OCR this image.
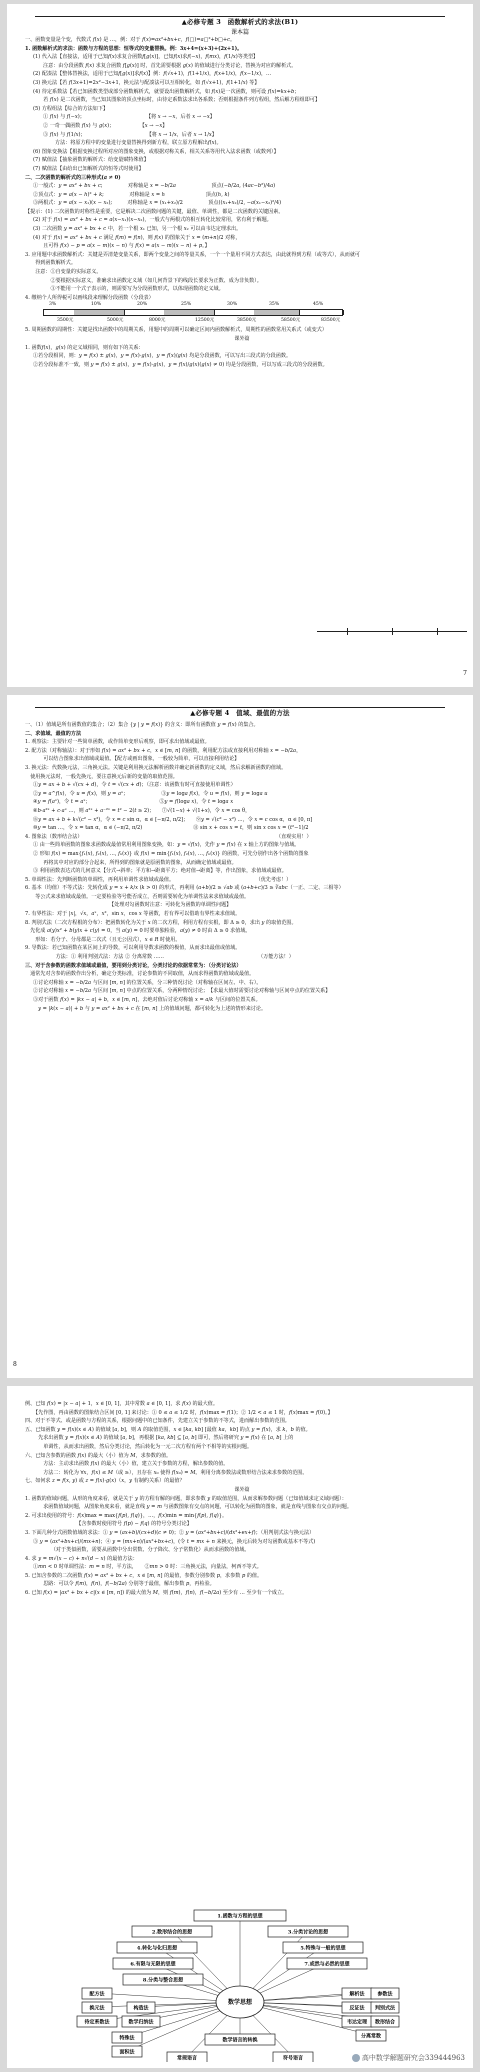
▲必修专题 3　函数解析式的求法(B1)
课本篇
一、函数变量是个变，代数式 𝑓(𝑥) 是 …，例：对于 𝑓(𝑥)=𝑎𝑥²+𝑏𝑥+𝑐，𝑓(□)=𝑎□²+𝑏□+𝑐。
1. 函数解析式的求法：函数与方程的思想：恒等式的变量替换。例：3𝑥+4=(𝑥+3)+(2𝑥+1)。
(1) 代入法【直接法，适用于已知𝑓(𝑥)求复合函数𝑓[𝑔(𝑥)]，已知𝑓(𝑥)求𝑓(−𝑥)，𝑓(𝑚𝑥)，𝑓(1/𝑥)等类型】
注意：由分段函数 𝑓(𝑥) 求复合函数 𝑓[𝑔(𝑥)] 时，首先需要根据 𝑔(𝑥) 的值域进行分类讨论，替换为对应的解析式。
(2) 配凑法【整体替换法，适用于已知𝑓[𝑔(𝑥)]求𝑓(𝑥)】例：𝑓(√𝑥+1)，𝑓(1+1/𝑥)，𝑓(𝑥+1/𝑥)，𝑓(𝑥−1/𝑥)，…
(3) 换元法【若 𝑓(3𝑥+1)=2𝑥²−3𝑥+1，换元法与配凑法可以互相转化，如 𝑓(√𝑥+1)，𝑓(1+1/𝑥) 等】
(4) 待定系数法【若已知函数类型或部分函数解析式，就要设出函数解析式，如 𝑓(𝑥)是一次函数，则可设 𝑓(𝑥)=𝑘𝑥+𝑏；
　　若 𝑓(𝑥) 是二次函数，当已知其图象的顶点坐标时，由待定系数法求出各系数；否则根据条件列方程组，然后解方程组即可】
(5) 方程组法【综合的方法如下】
① 𝑓(𝑥) 与 𝑓(−𝑥)；　　　　　　　　　　　　　【将 𝑥 → −𝑥，后者 𝑥 → −𝑥】
② 一奇一偶函数 𝑓(𝑥) 与 𝑔(𝑥)；　　　　　　【𝑥 → −𝑥】
③ 𝑓(𝑥) 与 𝑓(1/𝑥)；　　　　　　　　　　　　　【将 𝑥 → 1/𝑥，后者 𝑥 → 1/𝑥】
方法：将原方程中的变量进行变量替换得到新方程，联立原方程解出𝑓(𝑥)。
(6) 图象变换法【根据变换过程所对应的图象变换，或根据对称关系，相关关系等用代入法求函数（或数列）】
(7) 赋值法【抽象函数的解析式：给变量赋特殊值】
(7) 赋值法【由给出已知解析式的恒等式时使用】
二、二次函数的解析式的三种形式(𝑎 ≠ 0)
①一般式：𝑦 = 𝑎𝑥² + 𝑏𝑥 + 𝑐;　　　　　对称轴是 𝑥 = −𝑏/2𝑎　　　　　　　顶点(−𝑏/2𝑎, (4𝑎𝑐−𝑏²)/4𝑎)
②顶点式：𝑦 = 𝑎(𝑥 − ℎ)² + 𝑘;　　　　　对称轴是 𝑥 = ℎ　　　　　　　　顶点(ℎ, 𝑘)
③两根式：𝑦 = 𝑎(𝑥 − 𝑥₁)(𝑥 − 𝑥₂);　　　对称轴是 𝑥 = (𝑥₁+𝑥₂)/2　　　　　顶点((𝑥₁+𝑥₂)/2, −𝑎(𝑥₁−𝑥₂)²/4)
【提示：(1) 二次函数的对称性是重要，它是解决二次函数问题的关键，最值、单调性，都是二次函数的关键因素。
(2) 对于 𝑓(𝑥) = 𝑎𝑥² + 𝑏𝑥 + 𝑐 = 𝑎(𝑥−𝑥₁)(𝑥−𝑥₂)，一般式与两根式的相互转化比较常用，常有利于解题。
(3) 二次函数 𝑦 = 𝑎𝑥² + 𝑏𝑥 + 𝑐 中，若一个根 𝑥₁ 已知，另一个根 𝑥₂ 可以由韦达定理求出。
(4) 对于 𝑓(𝑥) = 𝑎𝑥² + 𝑏𝑥 + 𝑐 满足 𝑓(𝑚) = 𝑓(𝑛)，则 𝑓(𝑥) 的图象关于 𝑥 = (𝑚+𝑛)/2 对称，
　　且可得 𝑓(𝑥) − 𝑝 = 𝑎(𝑥 − 𝑚)(𝑥 − 𝑛) 与 𝑓(𝑥) = 𝑎(𝑥 − 𝑚)(𝑥 − 𝑛) + 𝑝。】
3. 应用题中求函数解析式：关键是弄清楚变量关系，即两个变量之间的等量关系，一个一个量用不同方式表达，由此就得到方程（或等式），从而就可
　　得到函数解析式。
　　注意：①自变量的实际意义。
　　　　　②要根据实际意义，准确求出函数定义域（如几何背景下的线段长要求为正数、成为非负数）。
　　　　　③不能用一个式子表示的，则需要写为分段函数形式，以体现函数的定义域。
4. 缴纳个人所得税可以画线段来理解分段函数（分段表）
3%	10%	20%	25%	30%	35%	45%
3500元	5000元	8000元	12500元	38500元	58500元	83500元
5. 周期函数的周期性：关键是找出函数中的周期关系，用题中的周期可以确定区间内函数解析式，周期性的函数常用关系式（或变式）
课外篇
1. 函数𝑓(𝑥)，𝑔(𝑥) 的定义域相同，则有如下的关系：
①若分段相同，则：𝑦 = 𝑓(𝑥) ± 𝑔(𝑥)，𝑦 = 𝑓(𝑥)·𝑔(𝑥)，𝑦 = 𝑓(𝑥)/𝑔(𝑥) 均是分段函数，可以写出三段式的分段函数。
②若分段标准不一致，则 𝑦 = 𝑓(𝑥) ± 𝑔(𝑥)，𝑦 = 𝑓(𝑥)·𝑔(𝑥)，𝑦 = 𝑓(𝑥)/𝑔(𝑥)(𝑔(𝑥) ≠ 0) 均是分段函数，可以写成三段式的分段函数。
7
▲必修专题 4　值域、最值的方法
一、（1）值域是所有函数值的集合；（2）集合 {𝑦 | 𝑦 = 𝑓(𝑥)} 的含义：即所有函数值 𝑦 = 𝑓(𝑥) 的集合。
二、求值域、最值的方法
1. 观察法：主要针对一些简单函数，或作简单变形后观察，即可求出值域或最值。
2. 配方法（对称轴法）：对于形如 𝑓(𝑥) = 𝑎𝑥² + 𝑏𝑥 + 𝑐，𝑥 ∈ [𝑚, 𝑛] 的函数，利用配方法或直接利用对称轴 𝑥 = −𝑏/2𝑎，
　　可以结合图象求出值域或最值。【配方或画出图象，一般较为简单，可以直接利用结论】
3. 换元法：代数换元法，三角换元法。关键是利用换元法解析函数并确定新函数的定义域，然后求解新函数的值域。
　使用换元法时，一般先换元，要注意换元后新的变量的取值范围。
①𝑦 = 𝑎𝑥 + 𝑏 + √(𝑐𝑥 + 𝑑)，令 𝑡 = √(𝑐𝑥 + 𝑑)；（注意：该函数有时可直接使用单调性）
②𝑦 = 𝑎^𝑓(𝑥)，令 𝑢 = 𝑓(𝑥)，则 𝑦 = 𝑎ᵘ；　　　　　　　③𝑦 = log𝑎 𝑓(𝑥)，令 𝑢 = 𝑓(𝑥)，则 𝑦 = log𝑎 𝑢
④𝑦 = 𝑓(𝑎ˣ)，令 𝑡 = 𝑎ˣ；　　　　　　　　　　　　　　⑤𝑦 = 𝑓(log𝑎 𝑥)，令 𝑡 = log𝑎 𝑥
⑥𝑏·𝑎²ˣ + 𝑐·𝑎ˣ …，则 𝑎²ˣ + 𝑎⁻²ˣ = 𝑡² − 2(𝑡 ≥ 2)；　　⑦√(1−𝑥) + √(1+𝑥)，令 𝑥 = cos θ，
⑧𝑦 = 𝑎𝑥 + 𝑏 + 𝑘√(𝑐² − 𝑥²)，令 𝑥 = 𝑐 sin α，α ∈ [−π/2, π/2]；　　⑨𝑦 = √(𝑐² − 𝑥²) …，令 𝑥 = 𝑐 cos α，α ∈ [0, π]
⑩𝑦 = tan …，令 𝑥 = tan α，α ∈ (−π/2, π/2)　　　　　　　　　　⑪ sin 𝑥 + cos 𝑥 = 𝑡，则 sin 𝑥 cos 𝑥 = (𝑡²−1)/2
4. 图象法（数形结合法）　　　　　　　　　　　　　　　　　　　　　　　　　　　　　　　　　　　　　　　（直观实用！）
① 由一些简单函数的图象求函数或最值常用利用图象变换，如：𝑦 = √𝑓(𝑥)，先作 𝑦 = 𝑓(𝑥) 在 𝑥 轴上方的图象与值域。
② 形如 𝑓(𝑥) = max{𝑓₁(𝑥), 𝑓₂(𝑥), …, 𝑓ₙ(𝑥)} 或 𝑓(𝑥) = min{𝑓₁(𝑥), 𝑓₂(𝑥), …, 𝑓ₙ(𝑥)} 的函数，可先分别作出各个函数的图象
　　再将其中对应的部分合起来，所得到的图象就是原函数的图象，从而确定值域或最值。
③ 利用函数表达式的几何意义【分式→斜率；平方和→距离平方；绝对值→距离】等，作出图象，求值域或最值。
5. 单调性法：先判断函数的单调性，再利用单调性求值域或最值。　　　　　　　　　　　　　　　　　（优先考虑！）
6. 基本（均值）不等式法：先转化成 𝑦 = 𝑥 + 𝑘/𝑥 (𝑘 > 0) 的形式，再利用 (𝑎+𝑏)/2 ≥ √𝑎𝑏 或 (𝑎+𝑏+𝑐)/3 ≥ ∛𝑎𝑏𝑐（一正、二定、三相等）
　　等公式来求值域或最值。一定要检验等号能否成立，否则需要转化为单调性法来求值域或最值。
　　　　　　　　　　　　　　　　　【处理对勾函数时注意：可转化为函数的单调性问题】
7. 有界性法：对于 |𝑥|，√𝑥，𝑎ˣ，𝑥²，sin 𝑥，cos 𝑥 等函数，若有界可以借助有界性来求值域。
8. 判别式法（二次方程根的分布）：把函数转化为关于 𝑥 的二次方程，利用方程有实根，即 Δ ≥ 0，求出 𝑦 的取值范围。
　先化成 𝑎(𝑦)𝑥² + 𝑏(𝑦)𝑥 + 𝑐(𝑦) = 0，当 𝑎(𝑦) = 0 时要单独检验，𝑎(𝑦) ≠ 0 时由 Δ ≥ 0 求值域。
　　形如：若分子、分母都是二次式（且无公因式），𝑥 ∈ 𝑅 时使用。
9. 导数法：若已知函数在某区间上的导数，可以利用导数求函数的极值，从而求出最值或值域。
　　　　　　方法：① 利用判别式法：方法 ② 分离常数 ……　　　　　　　　　　　　　　　　　　　（万能方法！）
三、对于含参数的函数求值域或最值，要用到分类讨论，分类讨论的依据常常为：（分类讨论法）
　通常先对含参的函数作出分析，确定分类标准，讨论参数的不同取值，从而求得函数的值域或最值。
①讨论对称轴 𝑥 = −𝑏/2𝑎 与区间 [𝑚, 𝑛] 的位置关系，分三种情况讨论（对称轴在区间左、中、右）。
②讨论对称轴 𝑥 = −𝑏/2𝑎 与区间 [𝑚, 𝑛] 中点的位置关系，分两种情况讨论；　【求最大值时需要讨论对称轴与区间中点的位置关系】
③对于函数 𝑓(𝑥) = |𝑘𝑥 − 𝑎| + 𝑏，𝑥 ∈ [𝑚, 𝑛]，去绝对值后讨论对称轴 𝑥 = 𝑎/𝑘 与区间的位置关系。
　𝑦 = |𝑘(𝑥 − 𝑎)| + 𝑏 与 𝑦 = 𝑎𝑥² + 𝑏𝑥 + 𝑐 在 [𝑚, 𝑛] 上的值域问题，都可转化为上述的情形来讨论。
8
例、已知 𝑓(𝑥) = |𝑥 − 𝑎| + 1，𝑥 ∈ [0, 1]，其中常数 𝑎 ∈ [0, 1]，求 𝑓(𝑥) 的最大值。
【先作图，再由函数的图象结合区间 [0, 1] 来讨论：① 0 ≤ 𝑎 ≤ 1/2 时，𝑓(𝑥)max = 𝑓(1)；② 1/2 < 𝑎 ≤ 1 时，𝑓(𝑥)max = 𝑓(0)。】
四、对于不等式、或是函数与方程的关系，根据问题中的已知条件，先建立关于参数的不等式，进而解出参数的范围。
五、已知函数 𝑦 = 𝑓(𝑥)(𝑥 ∈ 𝐴) 的值域 [𝑎, 𝑏]，则 𝐴 的取值范围，𝑥 ∈ [𝑘𝑎, 𝑘𝑏] [最值 𝑘𝑎，𝑘𝑏] 的点 𝑦 = 𝑓(𝑥)，求 𝑘，𝑏 的值。
　先求出函数 𝑦 = 𝑓(𝑥)(𝑥 ∈ 𝐴) 的值域 [𝑎, 𝑏]，再根据 [𝑘𝑎, 𝑘𝑏] ⊆ [𝑎, 𝑏] 即可，然后将研究 𝑦 = 𝑓(𝑥) 在 [𝑎, 𝑏] 上的
　　单调性，从而求出函数，然后分类讨论，然后转化为一元二次方程有两个不相等的实根问题。
六、已知含参数的函数 𝑓(𝑥) 的最大（小）值为 𝑀，求参数的值。
　　方法：主动求出函数 𝑓(𝑥) 的最大（小）值，建立关于参数的方程，解出参数的值。
　　方法二：转化为 ∀𝑥，𝑓(𝑥) ≤ 𝑀（或 ≥），且存在 𝑥₀ 使得 𝑓(𝑥₀) = 𝑀。利用分离参数法或数形结合法来求参数的范围。
七、如何求 𝑧 = 𝑓(𝑥, 𝑦) 或 𝑧 = 𝑓(𝑥)·𝑔(𝑥)（𝑥，𝑦 有制约关系）的最值？
课外篇
1. 函数的值域问题，从形的角度来看，就是关于 𝑦 的方程有解的问题，即求参数 𝑦 的取值范围，从而求解参数问题（已知值域求定义域问题）：
　　求函数值域问题，从图象角度来看，就是直线 𝑦 = 𝑚 与函数图象有交点的问题，可以转化为函数的图象，就是直线与图象有交点的问题。
2. 可求出使用的符号：𝑓(𝑥)max = max{𝑓(𝑝), 𝑓(𝑞)}，…，𝑓(𝑥)min = min{𝑓(𝑝), 𝑓(𝑞)}。
　　　　　　　　　【含参数时使用符号 𝑓(𝑝) − 𝑓(𝑞) 的符号分类讨论】
3. 下面几种分式函数值域的求法：① 𝑦 = (𝑎𝑥+𝑏)/(𝑐𝑥+𝑑)(𝑐 ≠ 0)；② 𝑦 = (𝑎𝑥²+𝑏𝑥+𝑐)/(𝑑𝑥²+𝑒𝑥+𝑓)；（用判别式法与换元法）
③ 𝑦 = (𝑎𝑥²+𝑏𝑥+𝑐)/(𝑚𝑥+𝑛)；④ 𝑦 = (𝑚𝑥+𝑛)/(𝑎𝑥²+𝑏𝑥+𝑐)，(令 𝑡 = 𝑚𝑥 + 𝑛 来换元，换元后转为对勾函数或基本不等式)
　　　　（对于类似函数，需要从函数中分出常数、分子降次、分子常数化）从而求函数的值域。
4. 求 𝑦 = 𝑚√(𝑥 − 𝑐) + 𝑛√(𝑑 − 𝑥) 的最值方法：
①𝑚𝑛 < 0 时单调性法：𝑚 = 𝑛 时，平方法，　　②𝑚𝑛 > 0 时：三角换元法，向量法，柯西不等式。
5. 已知含参数的二次函数 𝑓(𝑥) = 𝑎𝑥² + 𝑏𝑥 + 𝑐，𝑥 ∈ [𝑚, 𝑛] 的最值，参数分别参数 𝑝，求参数 𝑝 的值。
　　思路：可以令 𝑓(𝑚)，𝑓(𝑛)，𝑓(−𝑏/2𝑎) 分别等于最值，解出参数 𝑝，再检验。
6. 已知 𝑓(𝑥) = |𝑎𝑥² + 𝑏𝑥 + 𝑐|(𝑥 ∈ [𝑚, 𝑛]) 的最大值为 𝑀，则 𝑓(𝑚)，𝑓(𝑛)，𝑓(−𝑏/2𝑎) 至少有 … 至少有一个成立。
1.函数与方程的思想
2.数形结合的思想	3.分类讨论的思想
4.转化与化归思想	5.特殊与一般的思想
6.有限与无限的思想	7.或然与必然的思想
8.分类与整合思想
配方法
换元法
待定系数法
构造法
数学归纳法
解析法	参数法
反证法 判别式法
韦达定理 数形结合
分离常数
特殊法
面积法
数学语言的转换
常规语言	符号语言
数学思想
高中数学解题研究会339444963
